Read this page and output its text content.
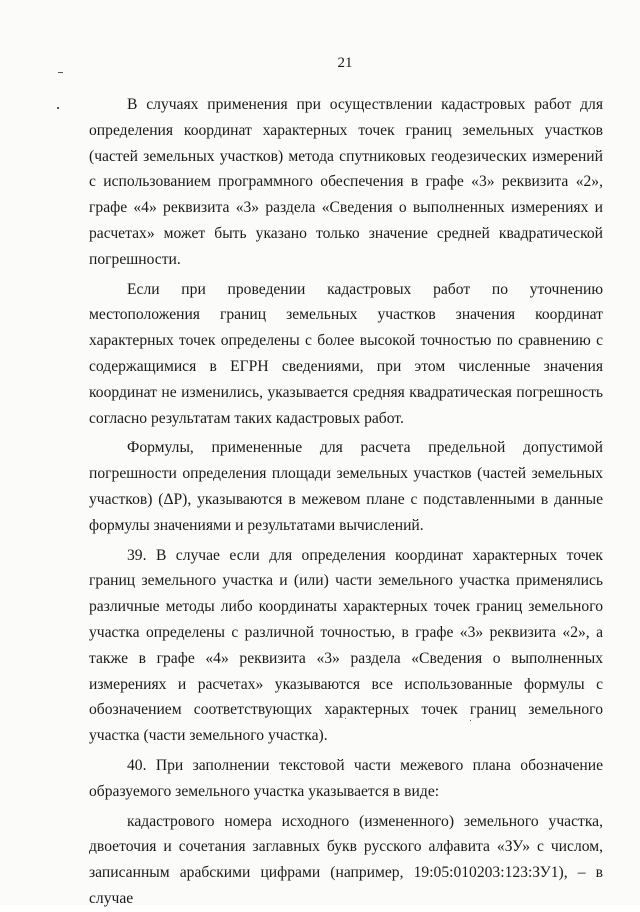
21

В случаях применения при осуществлении кадастровых работ для определения координат характерных точек границ земельных участков (частей земельных участков) метода спутниковых геодезических измерений с использованием программного обеспечения в графе «3» реквизита «2», графе «4» реквизита «3» раздела «Сведения о выполненных измерениях и расчетах» может быть указано только значение средней квадратической погрешности.

Если при проведении кадастровых работ по уточнению местоположения границ земельных участков значения координат характерных точек определены с более высокой точностью по сравнению с содержащимися в ЕГРН сведениями, при этом численные значения координат не изменились, указывается средняя квадратическая погрешность согласно результатам таких кадастровых работ.

Формулы, примененные для расчета предельной допустимой погрешности определения площади земельных участков (частей земельных участков) (ΔP), указываются в межевом плане с подставленными в данные формулы значениями и результатами вычислений.

39. В случае если для определения координат характерных точек границ земельного участка и (или) части земельного участка применялись различные методы либо координаты характерных точек границ земельного участка определены с различной точностью, в графе «3» реквизита «2», а также в графе «4» реквизита «3» раздела «Сведения о выполненных измерениях и расчетах» указываются все использованные формулы с обозначением соответствующих характерных точек границ земельного участка (части земельного участка).

40. При заполнении текстовой части межевого плана обозначение образуемого земельного участка указывается в виде:

кадастрового номера исходного (измененного) земельного участка, двоеточия и сочетания заглавных букв русского алфавита «ЗУ» с числом, записанным арабскими цифрами (например, 19:05:010203:123:ЗУ1), – в случае
